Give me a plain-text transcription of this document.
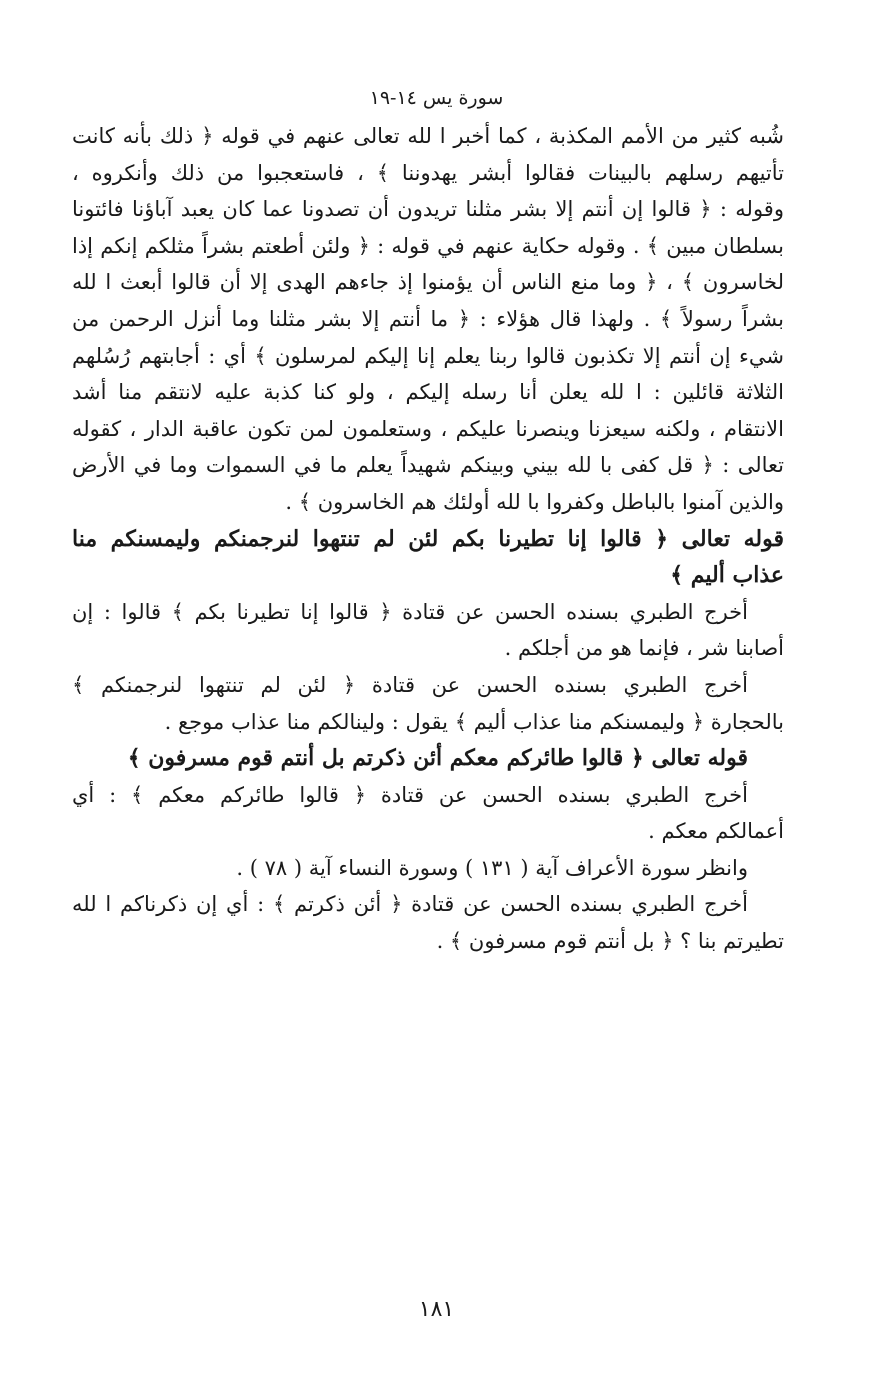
سورة يس ١٤-١٩
شُبه كثير من الأمم المكذبة ، كما أخبر ا لله تعالى عنهم في قوله ﴿ ذلك بأنه كانت
تأتيهم رسلهم بالبينات فقالوا أبشر يهدوننا ﴾ ، فاستعجبوا من ذلك وأنكروه ،
وقوله : ﴿ قالوا إن أنتم إلا بشر مثلنا تريدون أن تصدونا عما كان يعبد آباؤنا فائتونا
بسلطان مبين ﴾ . وقوله حكاية عنهم في قوله : ﴿ ولئن أطعتم بشراً مثلكم إنكم إذا
لخاسرون ﴾ ، ﴿ وما منع الناس أن يؤمنوا إذ جاءهم الهدى إلا أن قالوا أبعث ا لله
بشراً رسولاً ﴾ . ولهذا قال هؤلاء : ﴿ ما أنتم إلا بشر مثلنا وما أنزل الرحمن من
شيء إن أنتم إلا تكذبون قالوا ربنا يعلم إنا إليكم لمرسلون ﴾ أي : أجابتهم رُسُلهم
الثلاثة قائلين : ا لله يعلن أنا رسله إليكم ، ولو كنا كذبة عليه لانتقم منا أشد
الانتقام ، ولكنه سيعزنا وينصرنا عليكم ، وستعلمون لمن تكون عاقبة الدار ، كقوله
تعالى : ﴿ قل كفى با لله بيني وبينكم شهيداً يعلم ما في السموات وما في الأرض
والذين آمنوا بالباطل وكفروا با لله أولئك هم الخاسرون ﴾ .
قوله تعالى ﴿ قالوا إنا تطيرنا بكم لئن لم تنتهوا لنرجمنكم وليمسنكم منا
عذاب أليم ﴾
أخرج الطبري بسنده الحسن عن قتادة ﴿ قالوا إنا تطيرنا بكم ﴾ قالوا : إن
أصابنا شر ، فإنما هو من أجلكم .
أخرج الطبري بسنده الحسن عن قتادة ﴿ لئن لم تنتهوا لنرجمنكم ﴾
بالحجارة ﴿ وليمسنكم منا عذاب أليم ﴾ يقول : ولينالكم منا عذاب موجع .
قوله تعالى ﴿ قالوا طائركم معكم أئن ذكرتم بل أنتم قوم مسرفون ﴾
أخرج الطبري بسنده الحسن عن قتادة ﴿ قالوا طائركم معكم ﴾ : أي
أعمالكم معكم .
وانظر سورة الأعراف آية ( ١٣١ ) وسورة النساء آية ( ٧٨ ) .
أخرج الطبري بسنده الحسن عن قتادة ﴿ أئن ذكرتم ﴾ : أي إن ذكرناكم ا لله
تطيرتم بنا ؟ ﴿ بل أنتم قوم مسرفون ﴾ .
١٨١
